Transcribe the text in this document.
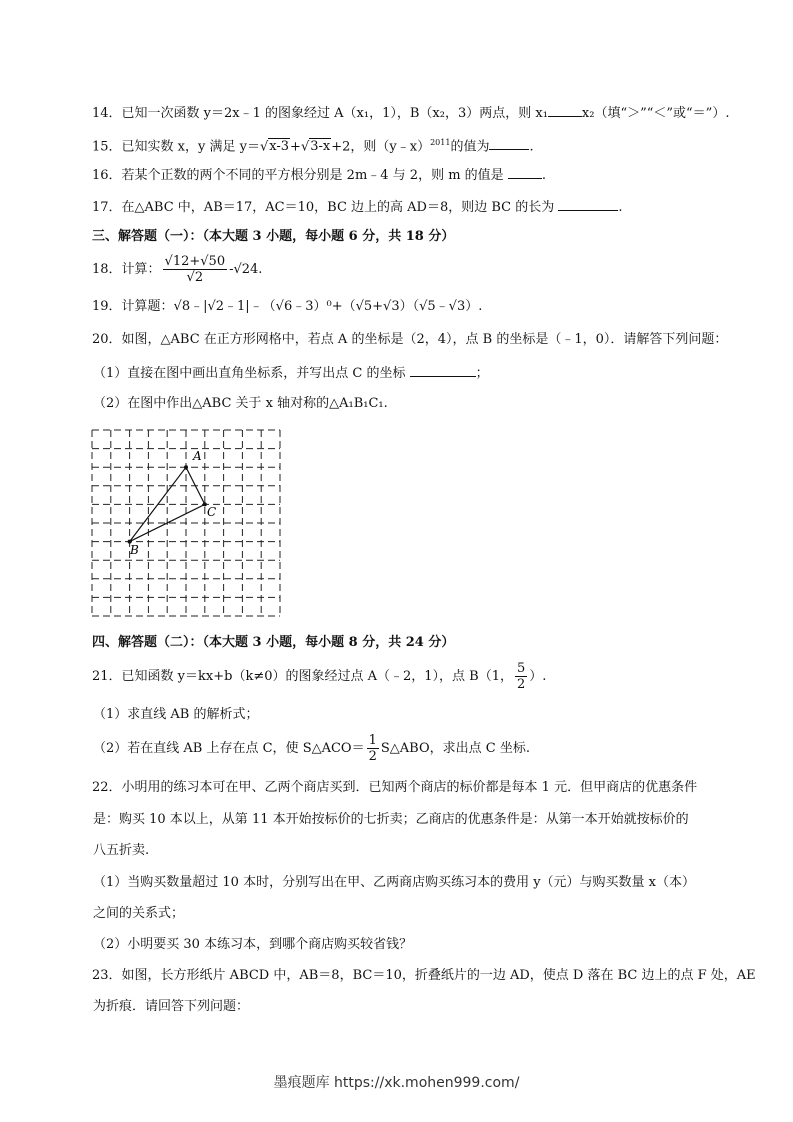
14．已知一次函数 y＝2x﹣1 的图象经过 A（x₁，1），B（x₂，3）两点，则 x₁	x₂（填“＞”“＜”或“＝”）.
15．已知实数 x，y 满足 y＝√x-3+√3-x+2，则（y﹣x）$^{2011}$的值为	.
16．若某个正数的两个不同的平方根分别是 2m﹣4 与 2，则 m 的值是	.
17．在△ABC 中，AB＝17，AC＝10，BC 边上的高 AD＝8，则边 BC 的长为	.
三、解答题（一）：（本大题 3 小题，每小题 6 分，共 18 分）
18．计算： $\frac{√12+√50}{√2} -√24$.
19．计算题：√8﹣|√2﹣1|﹣（√6﹣3）⁰+（√5+√3）（√5﹣√3）.
20．如图，△ABC 在正方形网格中，若点 A 的坐标是（2，4），点 B 的坐标是（﹣1，0）．请解答下列问题：
（1）直接在图中画出直角坐标系，并写出点 C 的坐标	；
（2）在图中作出△ABC 关于 x 轴对称的△A₁B₁C₁.
A
B
C
四、解答题（二）：（本大题 3 小题，每小题 8 分，共 24 分）
21．已知函数 y＝kx+b（k≠0）的图象经过点 A（﹣2，1），点 B（1， $\frac{5}{2}$ ）.
（1）求直线 AB 的解析式；
（2）若在直线 AB 上存在点 C，使 S△ACO＝ $\frac{1}{2}$ S△ABO，求出点 C 坐标.
22．小明用的练习本可在甲、乙两个商店买到．已知两个商店的标价都是每本 1 元．但甲商店的优惠条件
是：购买 10 本以上，从第 11 本开始按标价的七折卖；乙商店的优惠条件是：从第一本开始就按标价的
八五折卖.
（1）当购买数量超过 10 本时，分别写出在甲、乙两商店购买练习本的费用 y（元）与购买数量 x（本）
之间的关系式；
（2）小明要买 30 本练习本，到哪个商店购买较省钱？
23．如图，长方形纸片 ABCD 中，AB＝8，BC＝10，折叠纸片的一边 AD，使点 D 落在 BC 边上的点 F 处，AE
为折痕．请回答下列问题：
墨痕题库 https://xk.mohen999.com/
